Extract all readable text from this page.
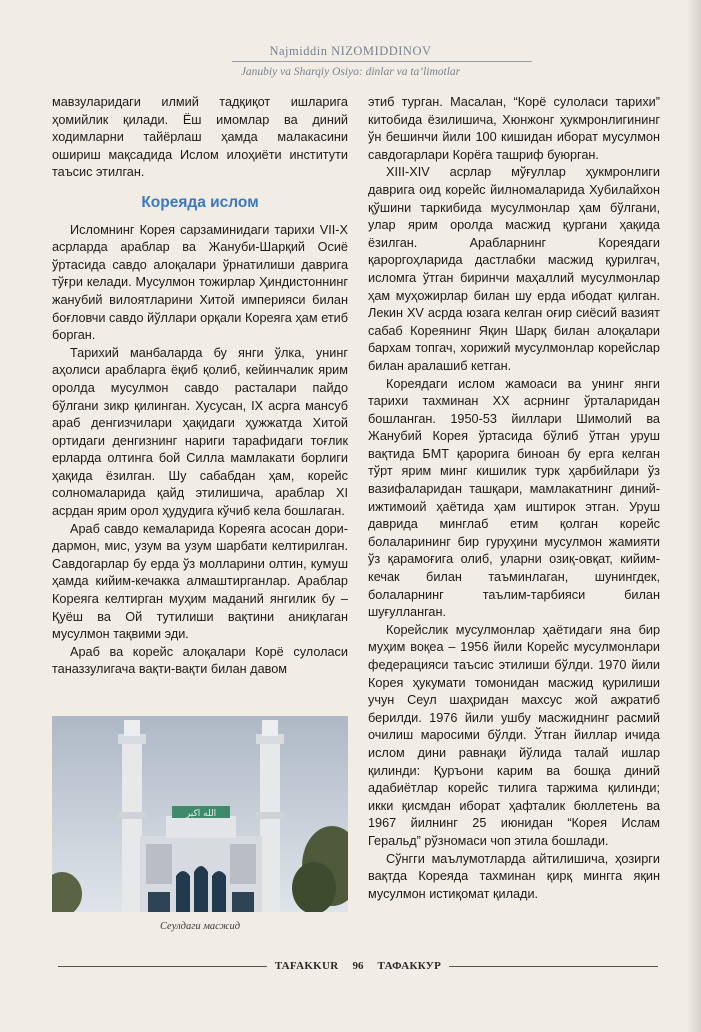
Najmiddin NIZOMIDDINOV
Janubiy va Sharqiy Osiyo: dinlar va ta’limotlar

мавзуларидаги илмий тадқиқот ишларига ҳомийлик қилади. Ёш имомлар ва диний ходимларни тайёрлаш ҳамда малакасини ошириш мақсадида Ислом илоҳиёти институти таъсис этилган.

Кореяда ислом

Исломнинг Корея сарзаминидаги тарихи VII-X асрларда араблар ва Жануби-Шарқий Осиё ўртасида савдо алоқалари ўрнатилиши даврига тўғри келади. Мусулмон тожирлар Ҳиндистоннинг жанубий вилоятларини Хитой империяси билан боғловчи савдо йўллари орқали Кореяга ҳам етиб борган.

Тарихий манбаларда бу янги ўлка, унинг аҳолиси арабларга ёқиб қолиб, кейинчалик ярим оролда мусулмон савдо расталари пайдо бўлгани зикр қилинган. Хусусан, IX асрга мансуб араб денгизчилари ҳақидаги ҳужжатда Хитой ортидаги денгизнинг нариги тарафидаги тоғлик ерларда олтинга бой Силла мамлакати борлиги ҳақида ёзилган. Шу сабабдан ҳам, корейс солномаларида қайд этилишича, араблар XI асрдан ярим орол ҳудудига кўчиб кела бошлаган.

Араб савдо кемаларида Кореяга асосан дори-дармон, мис, узум ва узум шарбати келтирилган. Савдогарлар бу ерда ўз молларини олтин, кумуш ҳамда кийим-кечакка алмаштирганлар. Араблар Кореяга келтирган муҳим маданий янгилик бу – Қуёш ва Ой тутилиши вақтини аниқлаган мусулмон тақвими эди.

Араб ва корейс алоқалари Корё сулоласи таназзулигача вақти-вақти билан давом

الله اكبر
Сеулдаги масжид

этиб турган. Масалан, “Корё сулоласи тарихи” китобида ёзилишича, Хюнжонг ҳукмронлигининг ўн бешинчи йили 100 кишидан иборат мусулмон савдогарлари Корёга ташриф буюрган.

XIII-XIV асрлар мўғуллар ҳукмронлиги даврига оид корейс йилномаларида Хубилайхон қўшини таркибида мусулмонлар ҳам бўлгани, улар ярим оролда масжид қургани ҳақида ёзилган. Арабларнинг Кореядаги қароргоҳларида дастлабки масжид қурилгач, исломга ўтган биринчи маҳаллий мусулмонлар ҳам муҳожирлар билан шу ерда ибодат қилган. Лекин XV асрда юзага келган оғир сиёсий вазият сабаб Кореянинг Яқин Шарқ билан алоқалари бархам топгач, хорижий мусулмонлар корейслар билан аралашиб кетган.

Кореядаги ислом жамоаси ва унинг янги тарихи тахминан XX асрнинг ўрталаридан бошланган. 1950-53 йиллари Шимолий ва Жанубий Корея ўртасида бўлиб ўтган уруш вақтида БМТ қарорига биноан бу ерга келган тўрт ярим минг кишилик турк ҳарбийлари ўз вазифаларидан ташқари, мамлакатнинг диний-ижтимоий ҳаётида ҳам иштирок этган. Уруш даврида минглаб етим қолган корейс болаларининг бир гуруҳини мусулмон жамияти ўз қарамоғига олиб, уларни озиқ-овқат, кийим-кечак билан таъминлаган, шунингдек, болаларнинг таълим-тарбияси билан шуғулланган.

Корейслик мусулмонлар ҳаётидаги яна бир муҳим воқеа – 1956 йили Корейс мусулмонлари федерацияси таъсис этилиши бўлди. 1970 йили Корея ҳукумати томонидан масжид қурилиши учун Сеул шаҳридан махсус жой ажратиб берилди. 1976 йили ушбу масжиднинг расмий очилиш маросими бўлди. Ўтган йиллар ичида ислом дини равнақи йўлида талай ишлар қилинди: Қуръони карим ва бошқа диний адабиётлар корейс тилига таржима қилинди; икки қисмдан иборат ҳафталик бюллетень ва 1967 йилнинг 25 июнидан “Корея Ислам Геральд” рўзномаси чоп этила бошлади.

Сўнгги маълумотларда айтилишича, ҳозирги вақтда Кореяда тахминан қирқ мингга яқин мусулмон истиқомат қилади.

TAFAKKUR	96	ТАФАККУР
